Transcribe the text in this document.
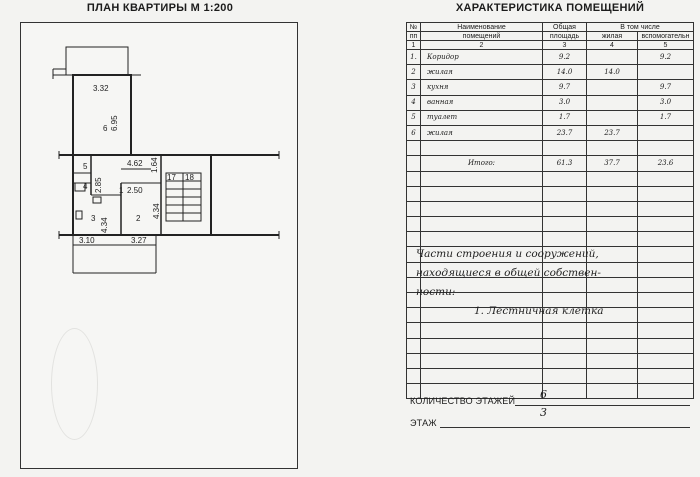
ПЛАН КВАРТИРЫ М 1:200
3.32
6 6.95
4.62 1.64
5
2.85
4	1 2.50
17 18
2
3 4.34
4.34
3.10	3.27
ХАРАКТЕРИСТИКА ПОМЕЩЕНИЙ
№	Наименование	Общая	В том числе	
пп	помещений	площадь	жилая	вспомогательн
1	2	3	4	5
1.	Коридор	9.2		9.2
2	жилая	14.0	14.0	
3	кухня	9.7		9.7
4	ванная	3.0		3.0
5	туалет	1.7		1.7
6	жилая	23.7	23.7	

	Итого:	61.3	37.7	23.6

Части строения и сооружений,
находящиеся в общей собствен-
ности:
1. Лестничная клетка
КОЛИЧЕСТВО ЭТАЖЕЙ 6
ЭТАЖ
3
